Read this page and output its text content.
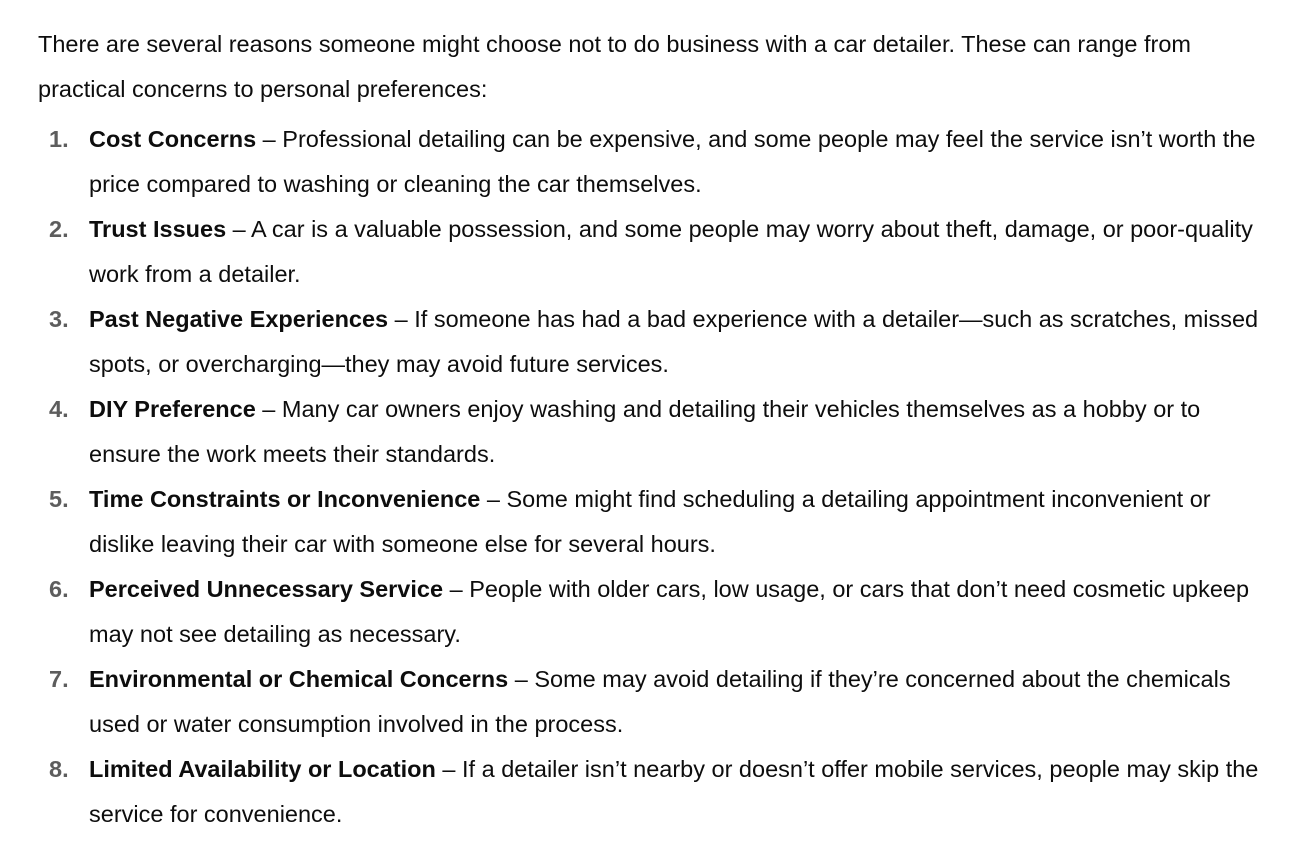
There are several reasons someone might choose not to do business with a car detailer. These can range from practical concerns to personal preferences:

1. Cost Concerns – Professional detailing can be expensive, and some people may feel the service isn’t worth the price compared to washing or cleaning the car themselves.
2. Trust Issues – A car is a valuable possession, and some people may worry about theft, damage, or poor-quality work from a detailer.
3. Past Negative Experiences – If someone has had a bad experience with a detailer—such as scratches, missed spots, or overcharging—they may avoid future services.
4. DIY Preference – Many car owners enjoy washing and detailing their vehicles themselves as a hobby or to ensure the work meets their standards.
5. Time Constraints or Inconvenience – Some might find scheduling a detailing appointment inconvenient or dislike leaving their car with someone else for several hours.
6. Perceived Unnecessary Service – People with older cars, low usage, or cars that don’t need cosmetic upkeep may not see detailing as necessary.
7. Environmental or Chemical Concerns – Some may avoid detailing if they’re concerned about the chemicals used or water consumption involved in the process.
8. Limited Availability or Location – If a detailer isn’t nearby or doesn’t offer mobile services, people may skip the service for convenience.
